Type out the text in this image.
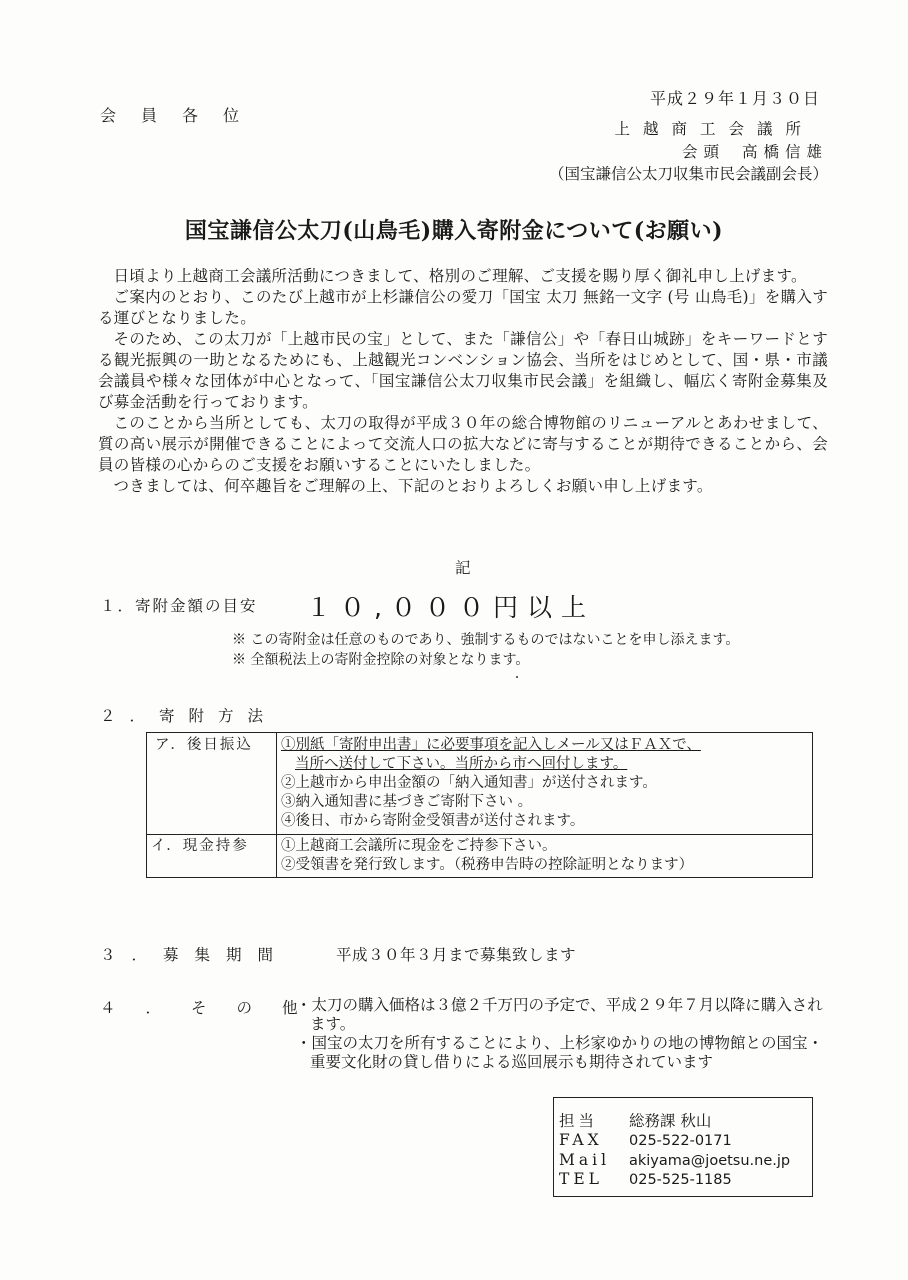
平成２９年１月３０日
会員各位
上越商工会議所
会頭 高橋信雄
（国宝謙信公太刀収集市民会議副会長）
国宝謙信公太刀(山鳥毛)購入寄附金について(お願い)

日頃より上越商工会議所活動につきまして、格別のご理解、ご支援を賜り厚く御礼申し上げます。

ご案内のとおり、このたび上越市が上杉謙信公の愛刀「国宝 太刀 無銘一文字 (号 山鳥毛)」を購入する運びとなりました。

そのため、この太刀が「上越市民の宝」として、また「謙信公」や「春日山城跡」をキーワードとする観光振興の一助となるためにも、上越観光コンベンション協会、当所をはじめとして、国・県・市議会議員や様々な団体が中心となって、「国宝謙信公太刀収集市民会議」を組織し、幅広く寄附金募集及び募金活動を行っております。

このことから当所としても、太刀の取得が平成３０年の総合博物館のリニューアルとあわせまして、質の高い展示が開催できることによって交流人口の拡大などに寄与することが期待できることから、会員の皆様の心からのご支援をお願いすることにいたしました。

つきましては、何卒趣旨をご理解の上、下記のとおりよろしくお願い申し上げます。

記
１．寄附金額の目安 １０,０００円以上
※ この寄附金は任意のものであり、強制するものではないことを申し添えます。
※ 全額税法上の寄附金控除の対象となります。
２．寄附方法
ア．後日振込	①別紙「寄附申出書」に必要事項を記入しメール又はＦＡＸで、
当所へ送付して下さい。当所から市へ回付します。
②上越市から申出金額の「納入通知書」が送付されます。
③納入通知書に基づきご寄附下さい 。
④後日、市から寄附金受領書が送付されます。

イ．現金持参	①上越商工会議所に現金をご持参下さい。
②受領書を発行致します。（税務申告時の控除証明となります）
３．募集期間	平成３０年３月まで募集致します
４．その他

・太刀の購入価格は３億２千万円の予定で、平成２９年７月以降に購入されます。

・国宝の太刀を所有することにより、上杉家ゆかりの地の博物館との国宝・重要文化財の貸し借りによる巡回展示も期待されています

担当 総務課 秋山
FAX 025-522-0171
Mail akiyama@joetsu.ne.jp
TEL 025-525-1185
